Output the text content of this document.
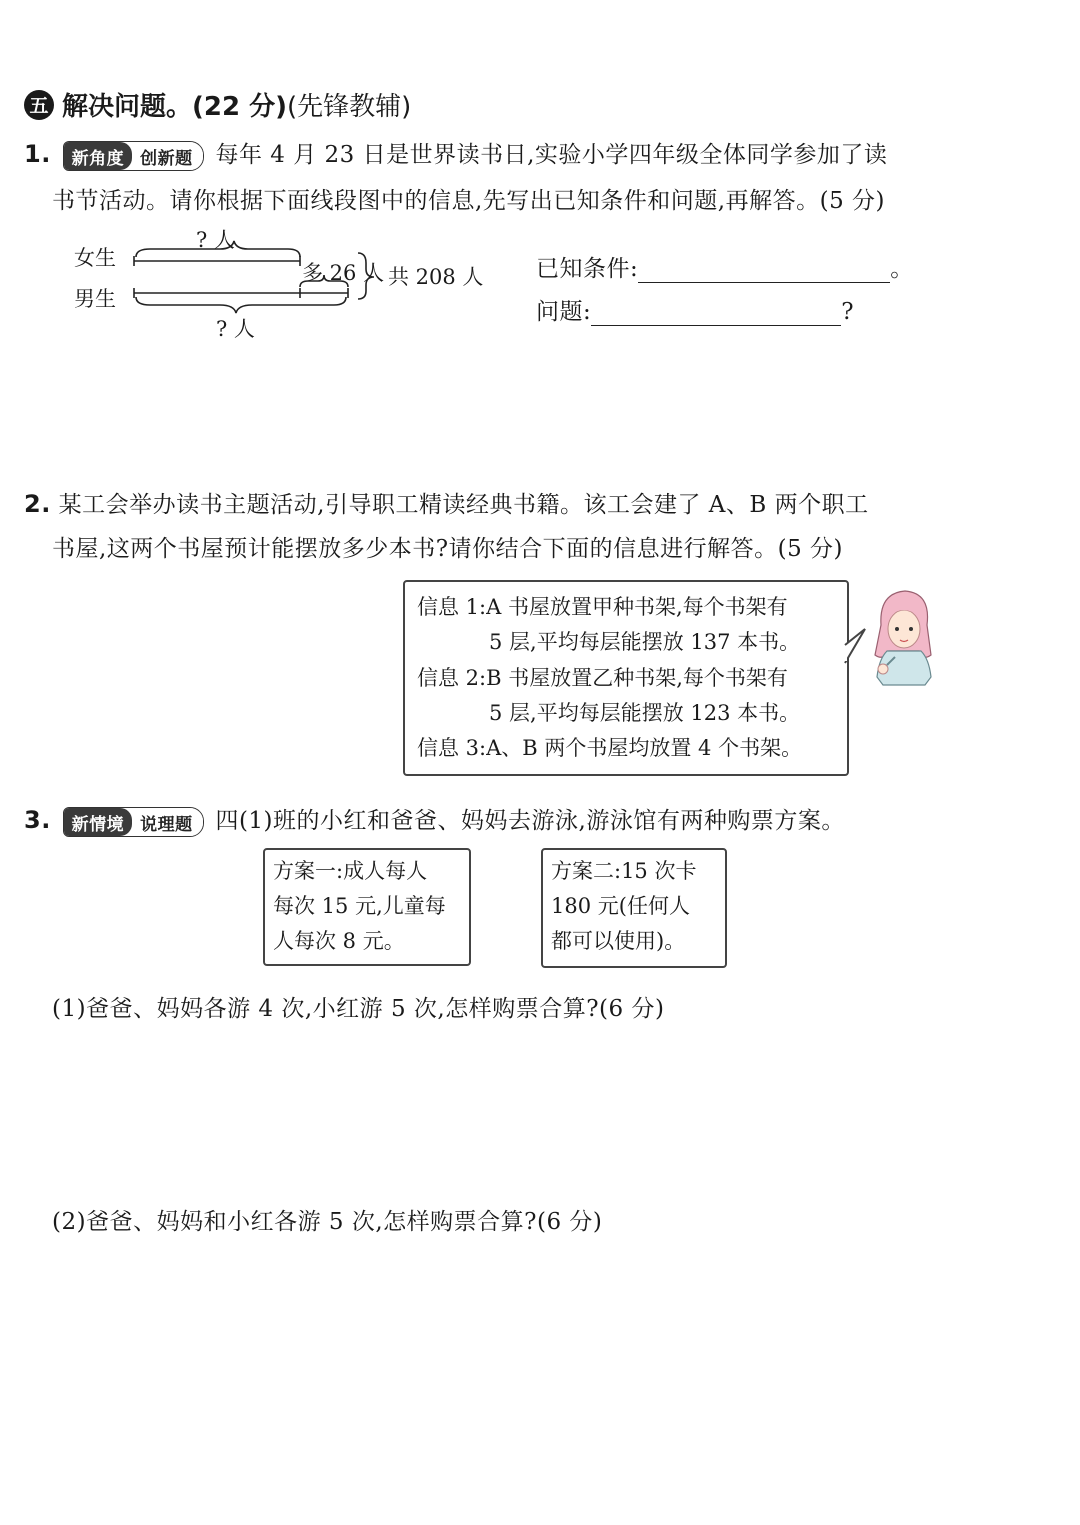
五 解决问题。(22 分) (先锋教辅)
1.	新角度 创新题 每年 4 月 23 日是世界读书日,实验小学四年级全体同学参加了读
书节活动。请你根据下面线段图中的信息,先写出已知条件和问题,再解答。(5 分)
女生
男生
? 人
? 人
多 26 人 共 208 人 已知条件:	。
问题:	?
2. 某工会举办读书主题活动,引导职工精读经典书籍。该工会建了 A、B 两个职工
书屋,这两个书屋预计能摆放多少本书?请你结合下面的信息进行解答。(5 分)
信息 1:A 书屋放置甲种书架,每个书架有
5 层,平均每层能摆放 137 本书。
信息 2:B 书屋放置乙种书架,每个书架有
5 层,平均每层能摆放 123 本书。
信息 3:A、B 两个书屋均放置 4 个书架。
3.	新情境 说理题 四(1)班的小红和爸爸、妈妈去游泳,游泳馆有两种购票方案。
方案一:成人每人
每次 15 元,儿童每
人每次 8 元。
方案二:15 次卡
180 元(任何人
都可以使用)。
(1)爸爸、妈妈各游 4 次,小红游 5 次,怎样购票合算?(6 分)
(2)爸爸、妈妈和小红各游 5 次,怎样购票合算?(6 分)
